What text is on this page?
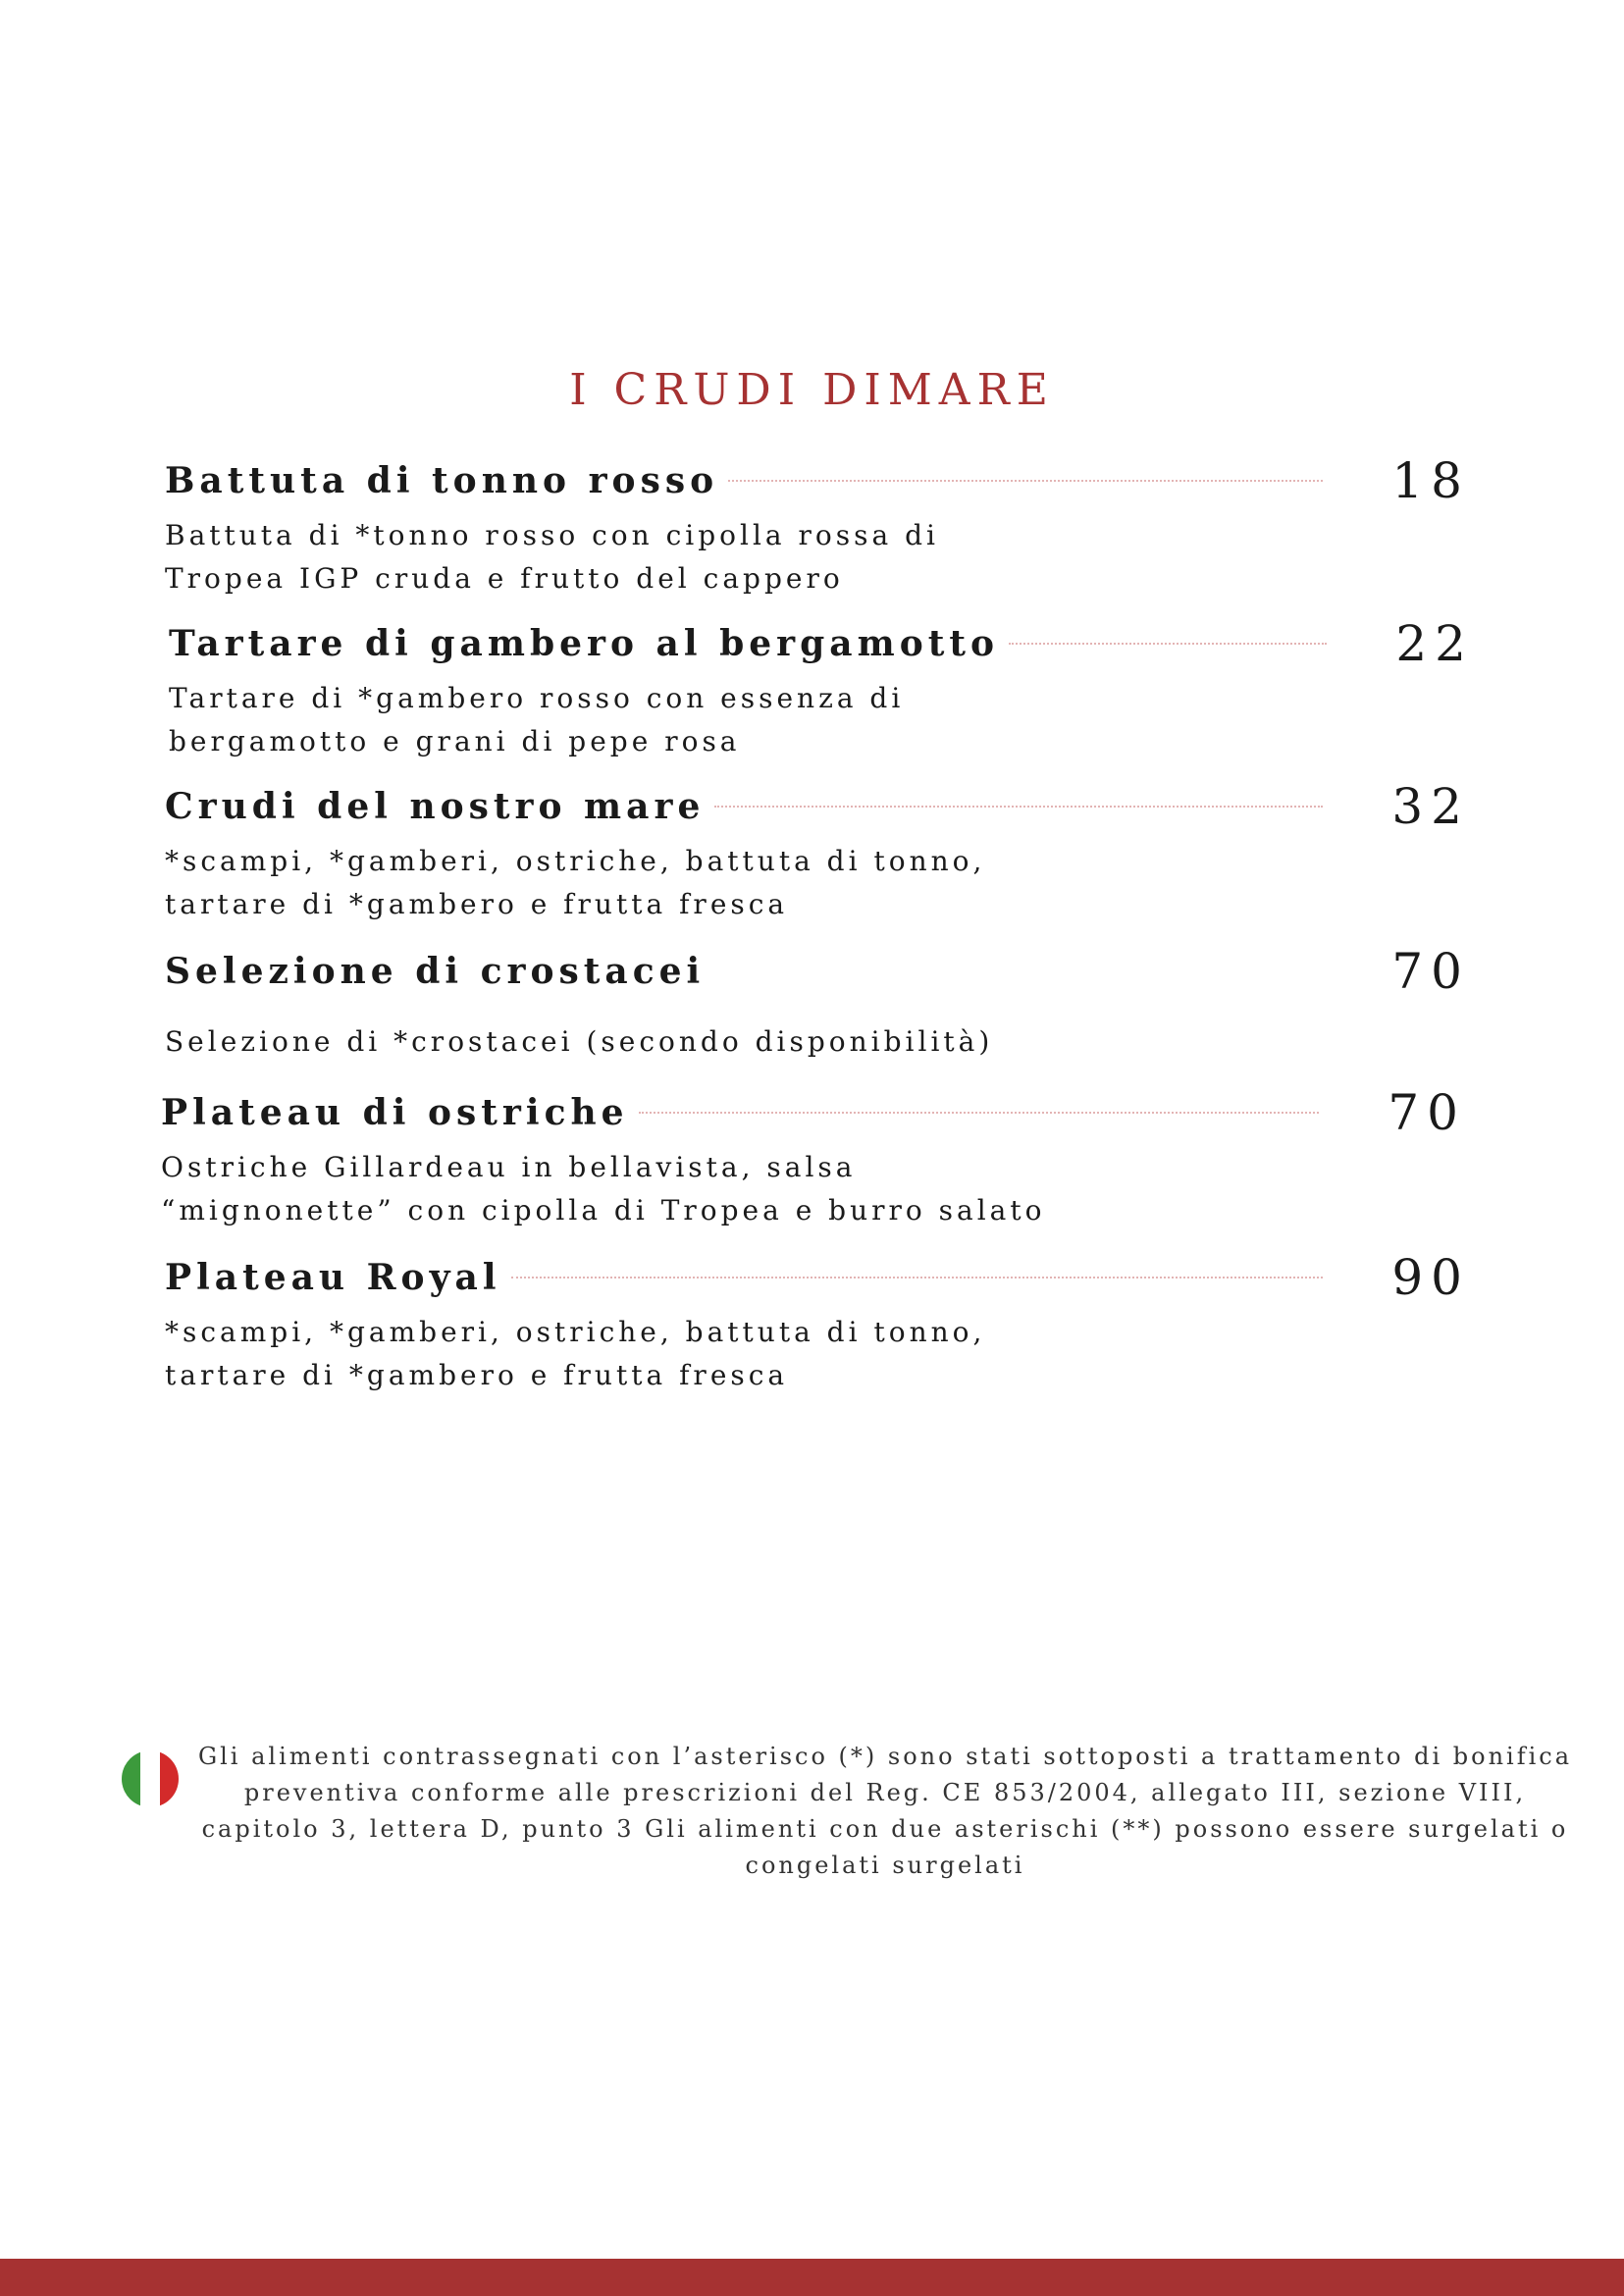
I CRUDI DIMARE
Battuta di tonno rosso	18
Battuta di *tonno rosso con cipolla rossa di
Tropea IGP cruda e frutto del cappero
Tartare di gambero al bergamotto	22
Tartare di *gambero rosso con essenza di
bergamotto e grani di pepe rosa
Crudi del nostro mare	32
*scampi, *gamberi, ostriche, battuta di tonno,
tartare di *gambero e frutta fresca
Selezione di crostacei	70
Selezione di *crostacei (secondo disponibilità)
Plateau di ostriche	70
Ostriche Gillardeau in bellavista, salsa
“mignonette” con cipolla di Tropea e burro salato
Plateau Royal	90
*scampi, *gamberi, ostriche, battuta di tonno,
tartare di *gambero e frutta fresca
Gli alimenti contrassegnati con l’asterisco (*) sono stati sottoposti a trattamento di bonifica preventiva conforme alle prescrizioni del Reg. CE 853/2004, allegato III, sezione VIII, capitolo 3, lettera D, punto 3 Gli alimenti con due asterischi (**) possono essere surgelati o congelati surgelati
